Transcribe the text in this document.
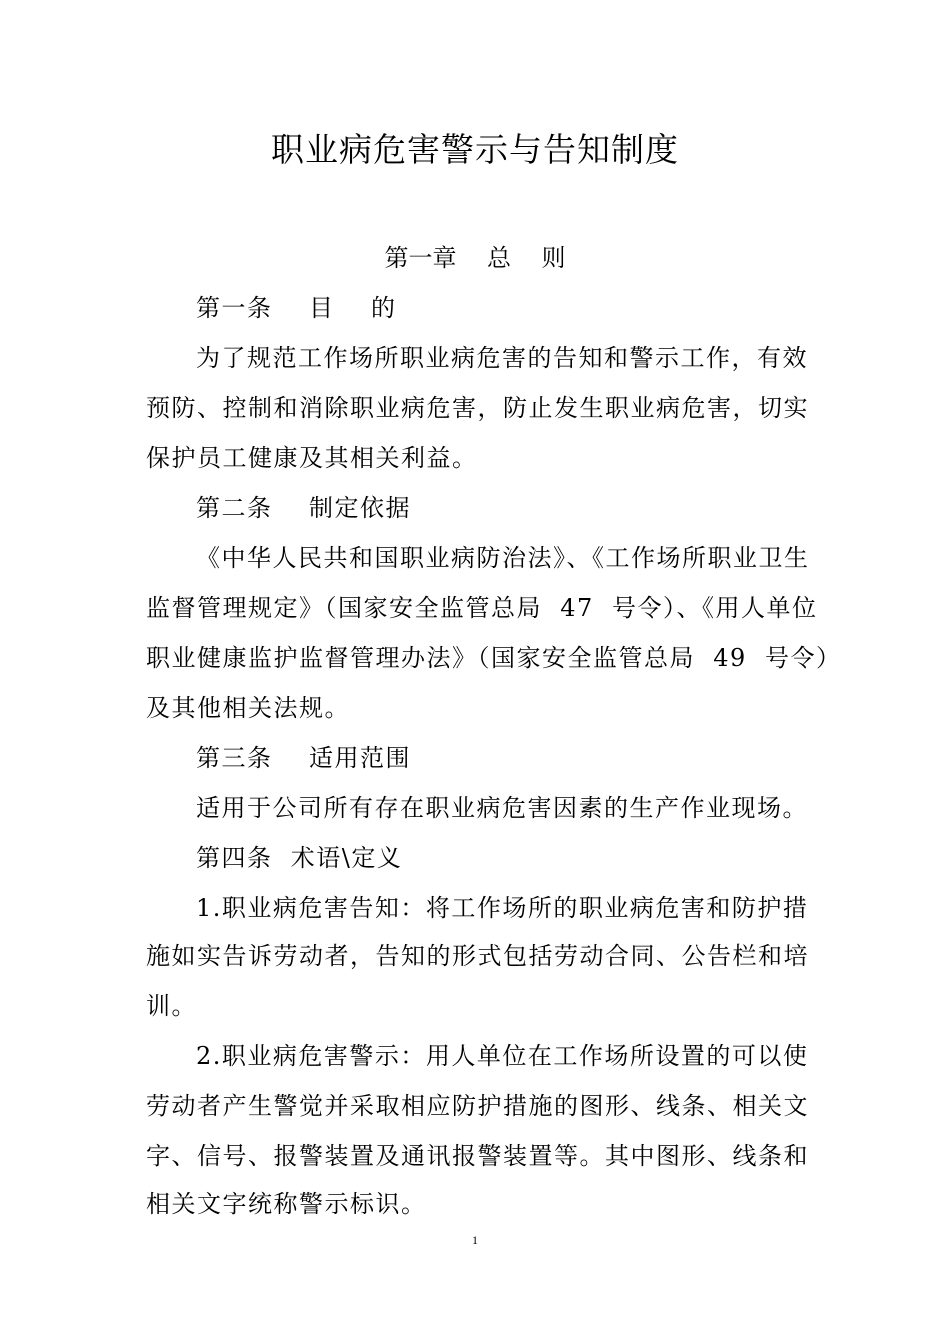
职业病危害警示与告知制度
第一章    总    则
第一条    目    的
为了规范工作场所职业病危害的告知和警示工作，有效
预防、控制和消除职业病危害，防止发生职业病危害，切实
保护员工健康及其相关利益。
第二条    制定依据
《中华人民共和国职业病防治法》、《工作场所职业卫生
监督管理规定》（国家安全监管总局  47  号令）、《用人单位
职业健康监护监督管理办法》（国家安全监管总局  49  号令）
及其他相关法规。
第三条    适用范围
适用于公司所有存在职业病危害因素的生产作业现场。
第四条  术语\定义
1.职业病危害告知：将工作场所的职业病危害和防护措
施如实告诉劳动者，告知的形式包括劳动合同、公告栏和培
训。
2.职业病危害警示：用人单位在工作场所设置的可以使
劳动者产生警觉并采取相应防护措施的图形、线条、相关文
字、信号、报警装置及通讯报警装置等。其中图形、线条和
相关文字统称警示标识。
1
